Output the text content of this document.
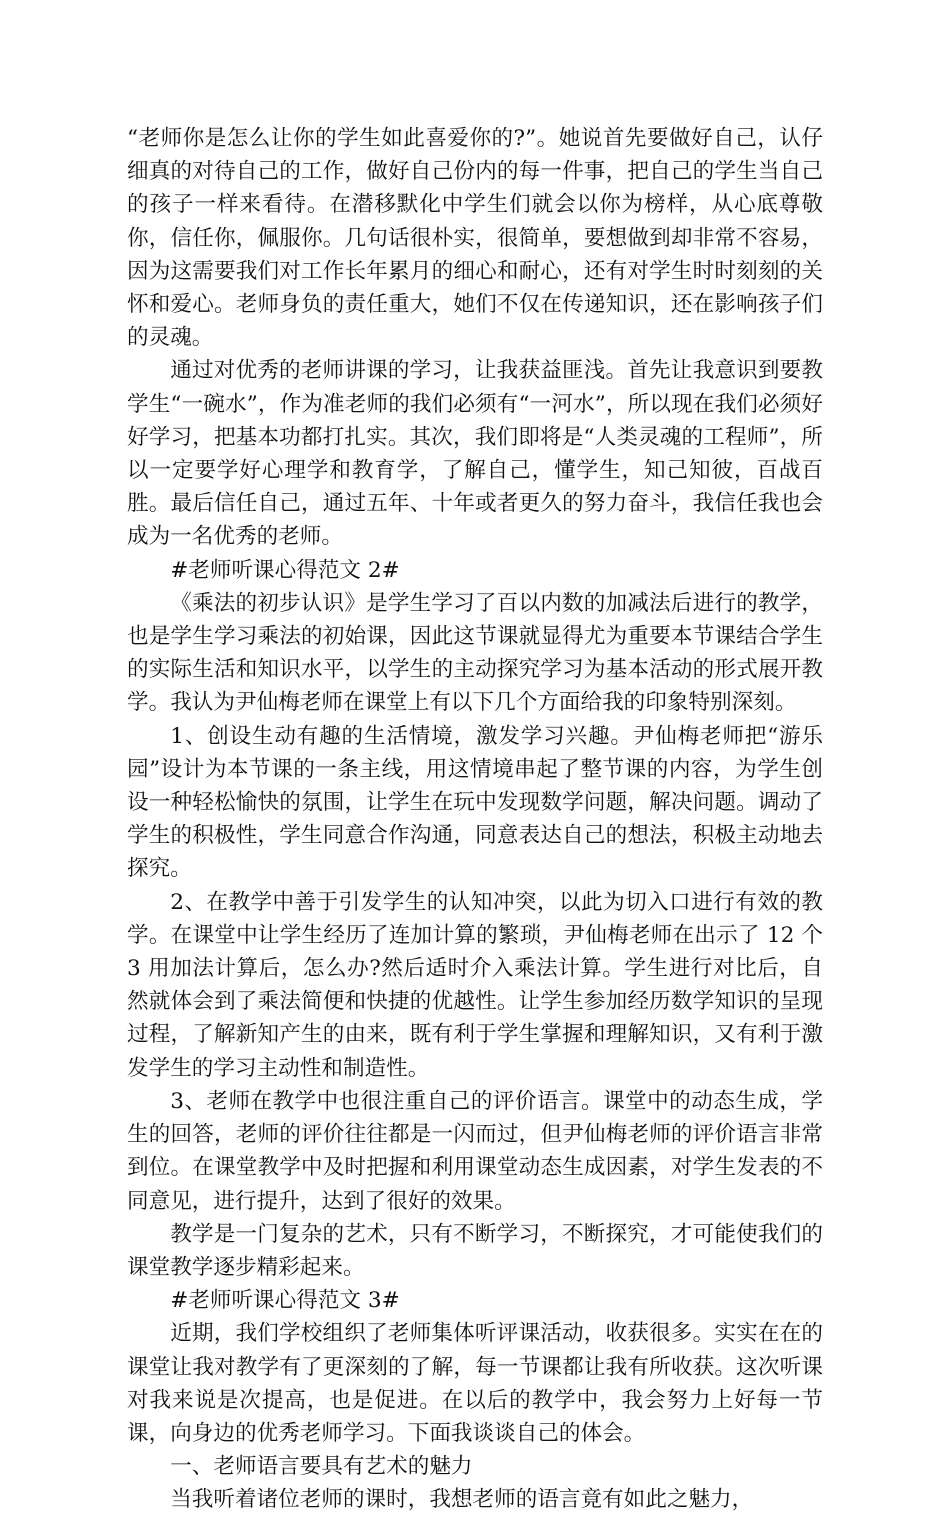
“老师你是怎么让你的学生如此喜爱你的?”。她说首先要做好自己，认仔细真的对待自己的工作，做好自己份内的每一件事，把自己的学生当自己的孩子一样来看待。在潜移默化中学生们就会以你为榜样，从心底尊敬你，信任你，佩服你。几句话很朴实，很简单，要想做到却非常不容易，因为这需要我们对工作长年累月的细心和耐心，还有对学生时时刻刻的关怀和爱心。老师身负的责任重大，她们不仅在传递知识，还在影响孩子们的灵魂。

通过对优秀的老师讲课的学习，让我获益匪浅。首先让我意识到要教学生“一碗水”，作为准老师的我们必须有“一河水”，所以现在我们必须好好学习，把基本功都打扎实。其次，我们即将是“人类灵魂的工程师”，所以一定要学好心理学和教育学，了解自己，懂学生，知己知彼，百战百胜。最后信任自己，通过五年、十年或者更久的努力奋斗，我信任我也会成为一名优秀的老师。

#老师听课心得范文 2#

《乘法的初步认识》是学生学习了百以内数的加减法后进行的教学，也是学生学习乘法的初始课，因此这节课就显得尤为重要本节课结合学生的实际生活和知识水平，以学生的主动探究学习为基本活动的形式展开教学。我认为尹仙梅老师在课堂上有以下几个方面给我的印象特别深刻。

1、创设生动有趣的生活情境，激发学习兴趣。尹仙梅老师把“游乐园”设计为本节课的一条主线，用这情境串起了整节课的内容，为学生创设一种轻松愉快的氛围，让学生在玩中发现数学问题，解决问题。调动了学生的积极性，学生同意合作沟通，同意表达自己的想法，积极主动地去探究。

2、在教学中善于引发学生的认知冲突，以此为切入口进行有效的教学。在课堂中让学生经历了连加计算的繁琐，尹仙梅老师在出示了 12 个 3 用加法计算后，怎么办?然后适时介入乘法计算。学生进行对比后，自然就体会到了乘法简便和快捷的优越性。让学生参加经历数学知识的呈现过程，了解新知产生的由来，既有利于学生掌握和理解知识，又有利于激发学生的学习主动性和制造性。

3、老师在教学中也很注重自己的评价语言。课堂中的动态生成，学生的回答，老师的评价往往都是一闪而过，但尹仙梅老师的评价语言非常到位。在课堂教学中及时把握和利用课堂动态生成因素，对学生发表的不同意见，进行提升，达到了很好的效果。

教学是一门复杂的艺术，只有不断学习，不断探究，才可能使我们的课堂教学逐步精彩起来。

#老师听课心得范文 3#

近期，我们学校组织了老师集体听评课活动，收获很多。实实在在的课堂让我对教学有了更深刻的了解，每一节课都让我有所收获。这次听课对我来说是次提高，也是促进。在以后的教学中，我会努力上好每一节课，向身边的优秀老师学习。下面我谈谈自己的体会。

一、老师语言要具有艺术的魅力

当我听着诸位老师的课时，我想老师的语言竟有如此之魅力，
